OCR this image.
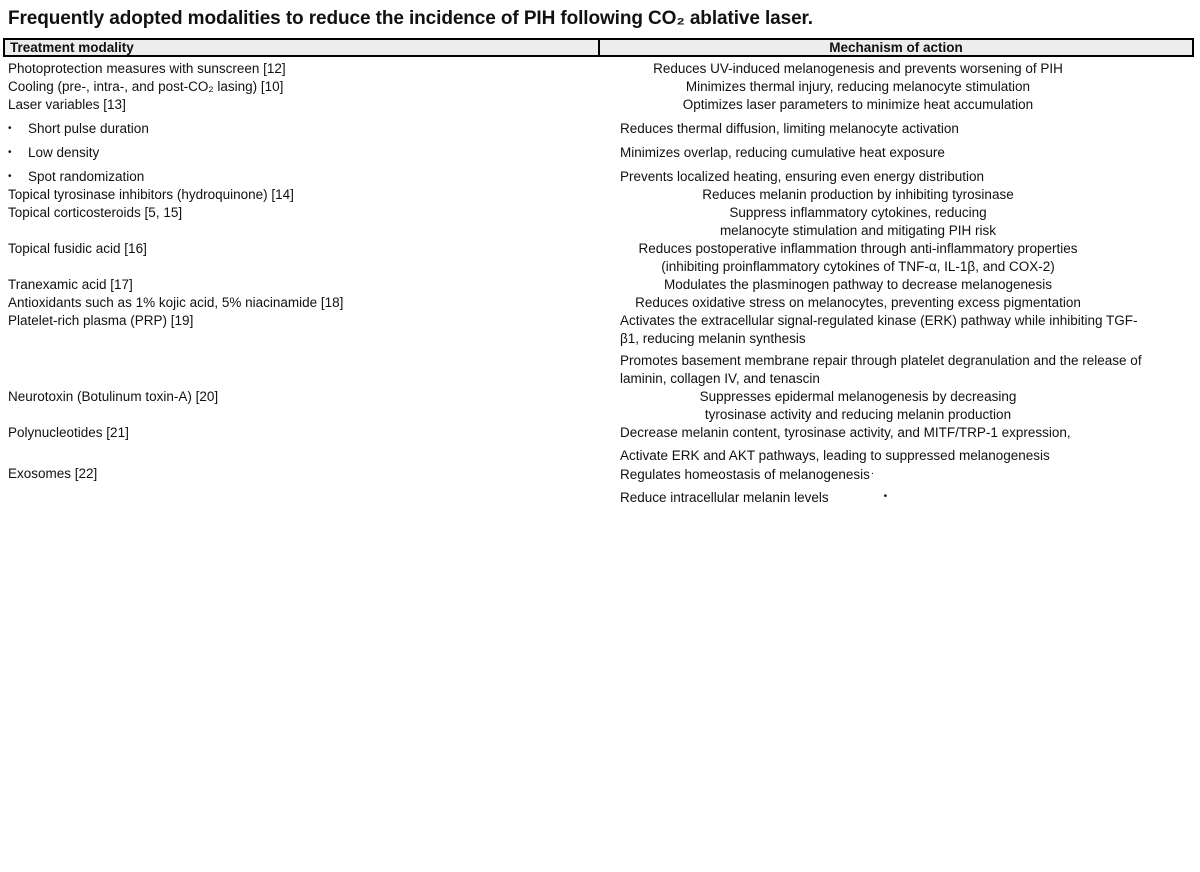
Frequently adopted modalities to reduce the incidence of PIH following CO₂ ablative laser.
Treatment modality	Mechanism of action
Photoprotection measures with sunscreen [12]	Reduces UV-induced melanogenesis and prevents worsening of PIH
Cooling (pre-, intra-, and post-CO₂ lasing) [10]	Minimizes thermal injury, reducing melanocyte stimulation
Laser variables [13]	Optimizes laser parameters to minimize heat accumulation
•	Short pulse duration	Reduces thermal diffusion, limiting melanocyte activation
•	Low density	Minimizes overlap, reducing cumulative heat exposure
•	Spot randomization	Prevents localized heating, ensuring even energy distribution
Topical tyrosinase inhibitors (hydroquinone) [14]	Reduces melanin production by inhibiting tyrosinase
Topical corticosteroids [5, 15]	Suppress inflammatory cytokines, reducing
melanocyte stimulation and mitigating PIH risk
Topical fusidic acid [16]	Reduces postoperative inflammation through anti-inflammatory properties
(inhibiting proinflammatory cytokines of TNF-α, IL-1β, and COX-2)
Tranexamic acid [17]	Modulates the plasminogen pathway to decrease melanogenesis
Antioxidants such as 1% kojic acid, 5% niacinamide [18]	Reduces oxidative stress on melanocytes, preventing excess pigmentation
Platelet-rich plasma (PRP) [19]	Activates the extracellular signal-regulated kinase (ERK) pathway while inhibiting TGF-
β1, reducing melanin synthesis
Promotes basement membrane repair through platelet degranulation and the release of
laminin, collagen IV, and tenascin
Neurotoxin (Botulinum toxin-A) [20]	Suppresses epidermal melanogenesis by decreasing
tyrosinase activity and reducing melanin production
Polynucleotides [21]	Decrease melanin content, tyrosinase activity, and MITF/TRP-1 expression,
Activate ERK and AKT pathways, leading to suppressed melanogenesis
Exosomes [22]	Regulates homeostasis of melanogenesis·
Reduce intracellular melanin levels	•
